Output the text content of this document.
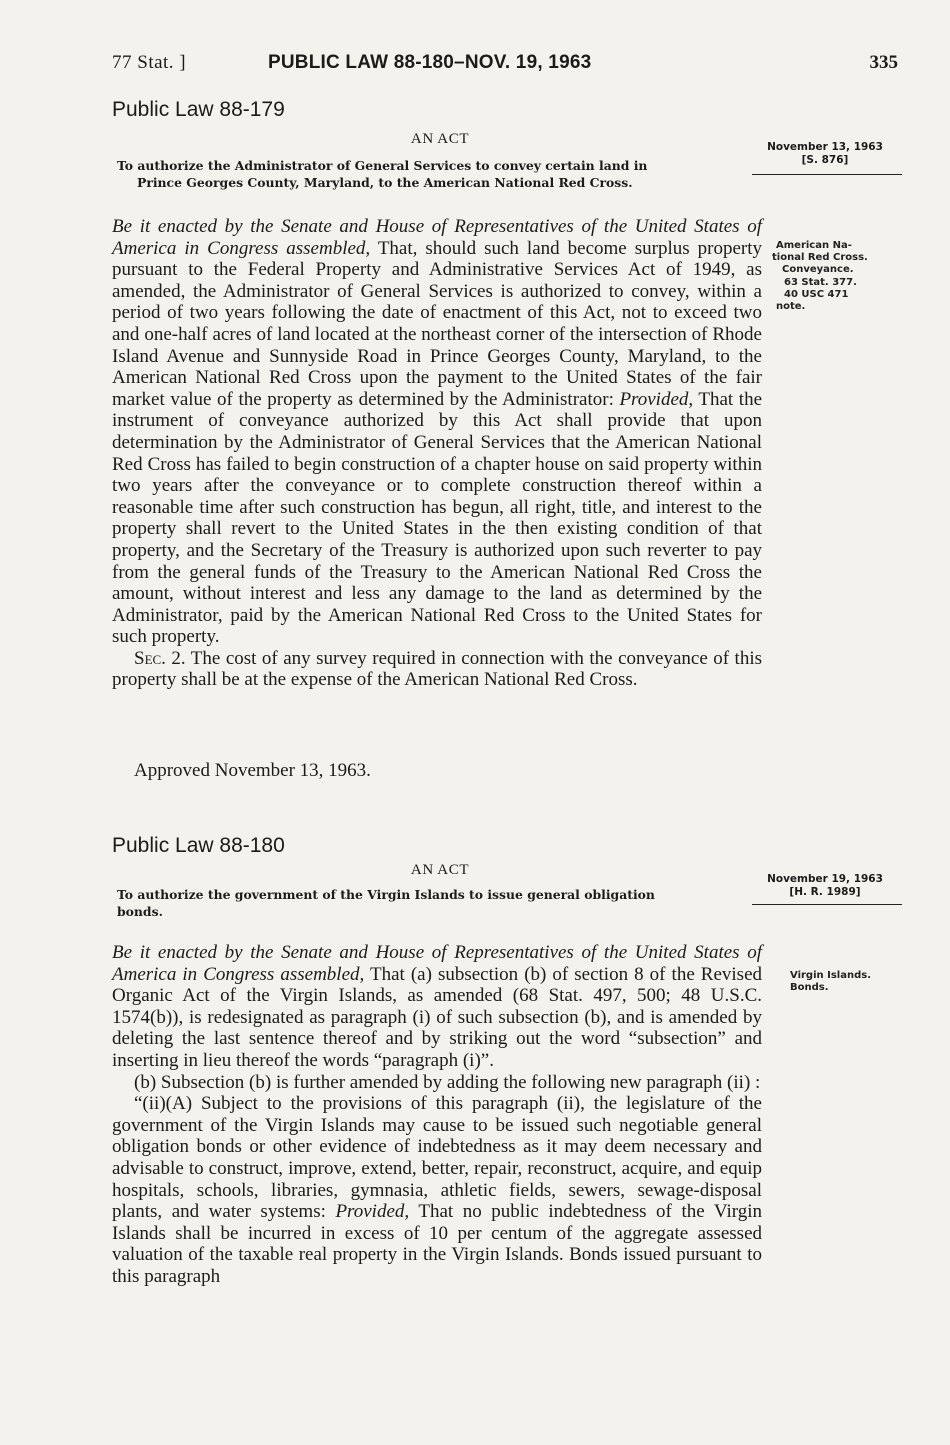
77 Stat. ]	PUBLIC LAW 88-180–NOV. 19, 1963	335
Public Law 88-179
AN ACT
To authorize the Administrator of General Services to convey certain land in
Prince Georges County, Maryland, to the American National Red Cross.
November 13, 1963
[S. 876]
American Na-
tional Red Cross.
Conveyance.
63 Stat. 377.
40 USC 471
note.

Be it enacted by the Senate and House of Representatives of the United States of America in Congress assembled, That, should such land become surplus property pursuant to the Federal Property and Administrative Services Act of 1949, as amended, the Administrator of General Services is authorized to convey, within a period of two years following the date of enactment of this Act, not to exceed two and one-half acres of land located at the northeast corner of the intersection of Rhode Island Avenue and Sunnyside Road in Prince Georges County, Maryland, to the American National Red Cross upon the payment to the United States of the fair market value of the property as determined by the Administrator: Provided, That the instrument of conveyance authorized by this Act shall provide that upon determination by the Administrator of General Services that the American National Red Cross has failed to begin construction of a chapter house on said property within two years after the conveyance or to complete construction thereof within a reasonable time after such construction has begun, all right, title, and interest to the property shall revert to the United States in the then existing condition of that property, and the Secretary of the Treasury is authorized upon such reverter to pay from the general funds of the Treasury to the American National Red Cross the amount, without interest and less any damage to the land as determined by the Administrator, paid by the American National Red Cross to the United States for such property.

Sec. 2. The cost of any survey required in connection with the conveyance of this property shall be at the expense of the American National Red Cross.

Approved November 13, 1963.
Public Law 88-180
AN ACT
To authorize the government of the Virgin Islands to issue general obligation
bonds.
November 19, 1963
[H. R. 1989]
Virgin Islands.
Bonds.

Be it enacted by the Senate and House of Representatives of the United States of America in Congress assembled, That (a) subsection (b) of section 8 of the Revised Organic Act of the Virgin Islands, as amended (68 Stat. 497, 500; 48 U.S.C. 1574(b)), is redesignated as paragraph (i) of such subsection (b), and is amended by deleting the last sentence thereof and by striking out the word “subsection” and inserting in lieu thereof the words “paragraph (i)”.

(b) Subsection (b) is further amended by adding the following new paragraph (ii) :

“(ii)(A) Subject to the provisions of this paragraph (ii), the legislature of the government of the Virgin Islands may cause to be issued such negotiable general obligation bonds or other evidence of indebtedness as it may deem necessary and advisable to construct, improve, extend, better, repair, reconstruct, acquire, and equip hospitals, schools, libraries, gymnasia, athletic fields, sewers, sewage-disposal plants, and water systems: Provided, That no public indebtedness of the Virgin Islands shall be incurred in excess of 10 per centum of the aggregate assessed valuation of the taxable real property in the Virgin Islands. Bonds issued pursuant to this paragraph
